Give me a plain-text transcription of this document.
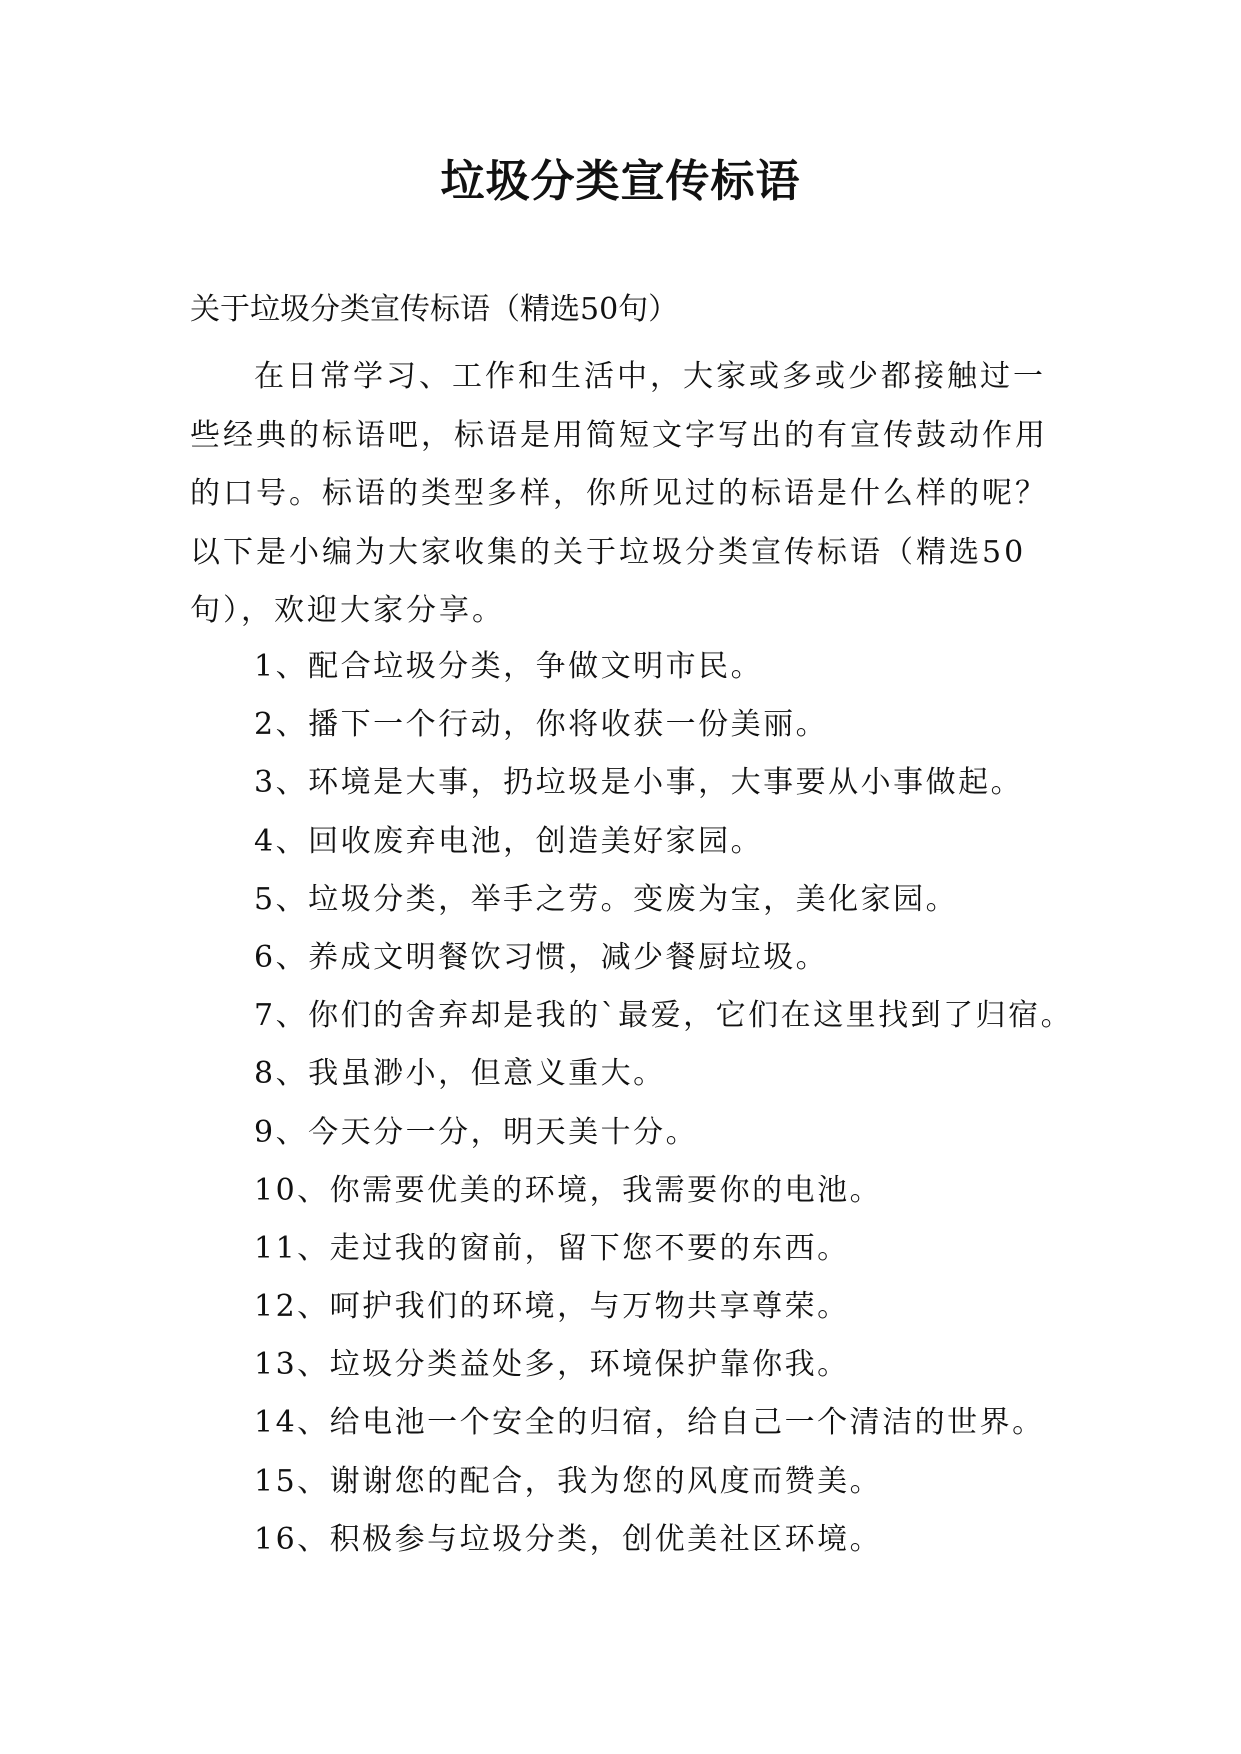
垃圾分类宣传标语

关于垃圾分类宣传标语（精选50句）

在日常学习、工作和生活中，大家或多或少都接触过一些经典的标语吧，标语是用简短文字写出的有宣传鼓动作用的口号。标语的类型多样，你所见过的标语是什么样的呢？以下是小编为大家收集的关于垃圾分类宣传标语（精选50句），欢迎大家分享。

1、配合垃圾分类，争做文明市民。
2、播下一个行动，你将收获一份美丽。
3、环境是大事，扔垃圾是小事，大事要从小事做起。
4、回收废弃电池，创造美好家园。
5、垃圾分类，举手之劳。变废为宝，美化家园。
6、养成文明餐饮习惯，减少餐厨垃圾。
7、你们的舍弃却是我的`最爱，它们在这里找到了归宿。
8、我虽渺小，但意义重大。
9、今天分一分，明天美十分。
10、你需要优美的环境，我需要你的电池。
11、走过我的窗前，留下您不要的东西。
12、呵护我们的环境，与万物共享尊荣。
13、垃圾分类益处多，环境保护靠你我。
14、给电池一个安全的归宿，给自己一个清洁的世界。
15、谢谢您的配合，我为您的风度而赞美。
16、积极参与垃圾分类，创优美社区环境。
